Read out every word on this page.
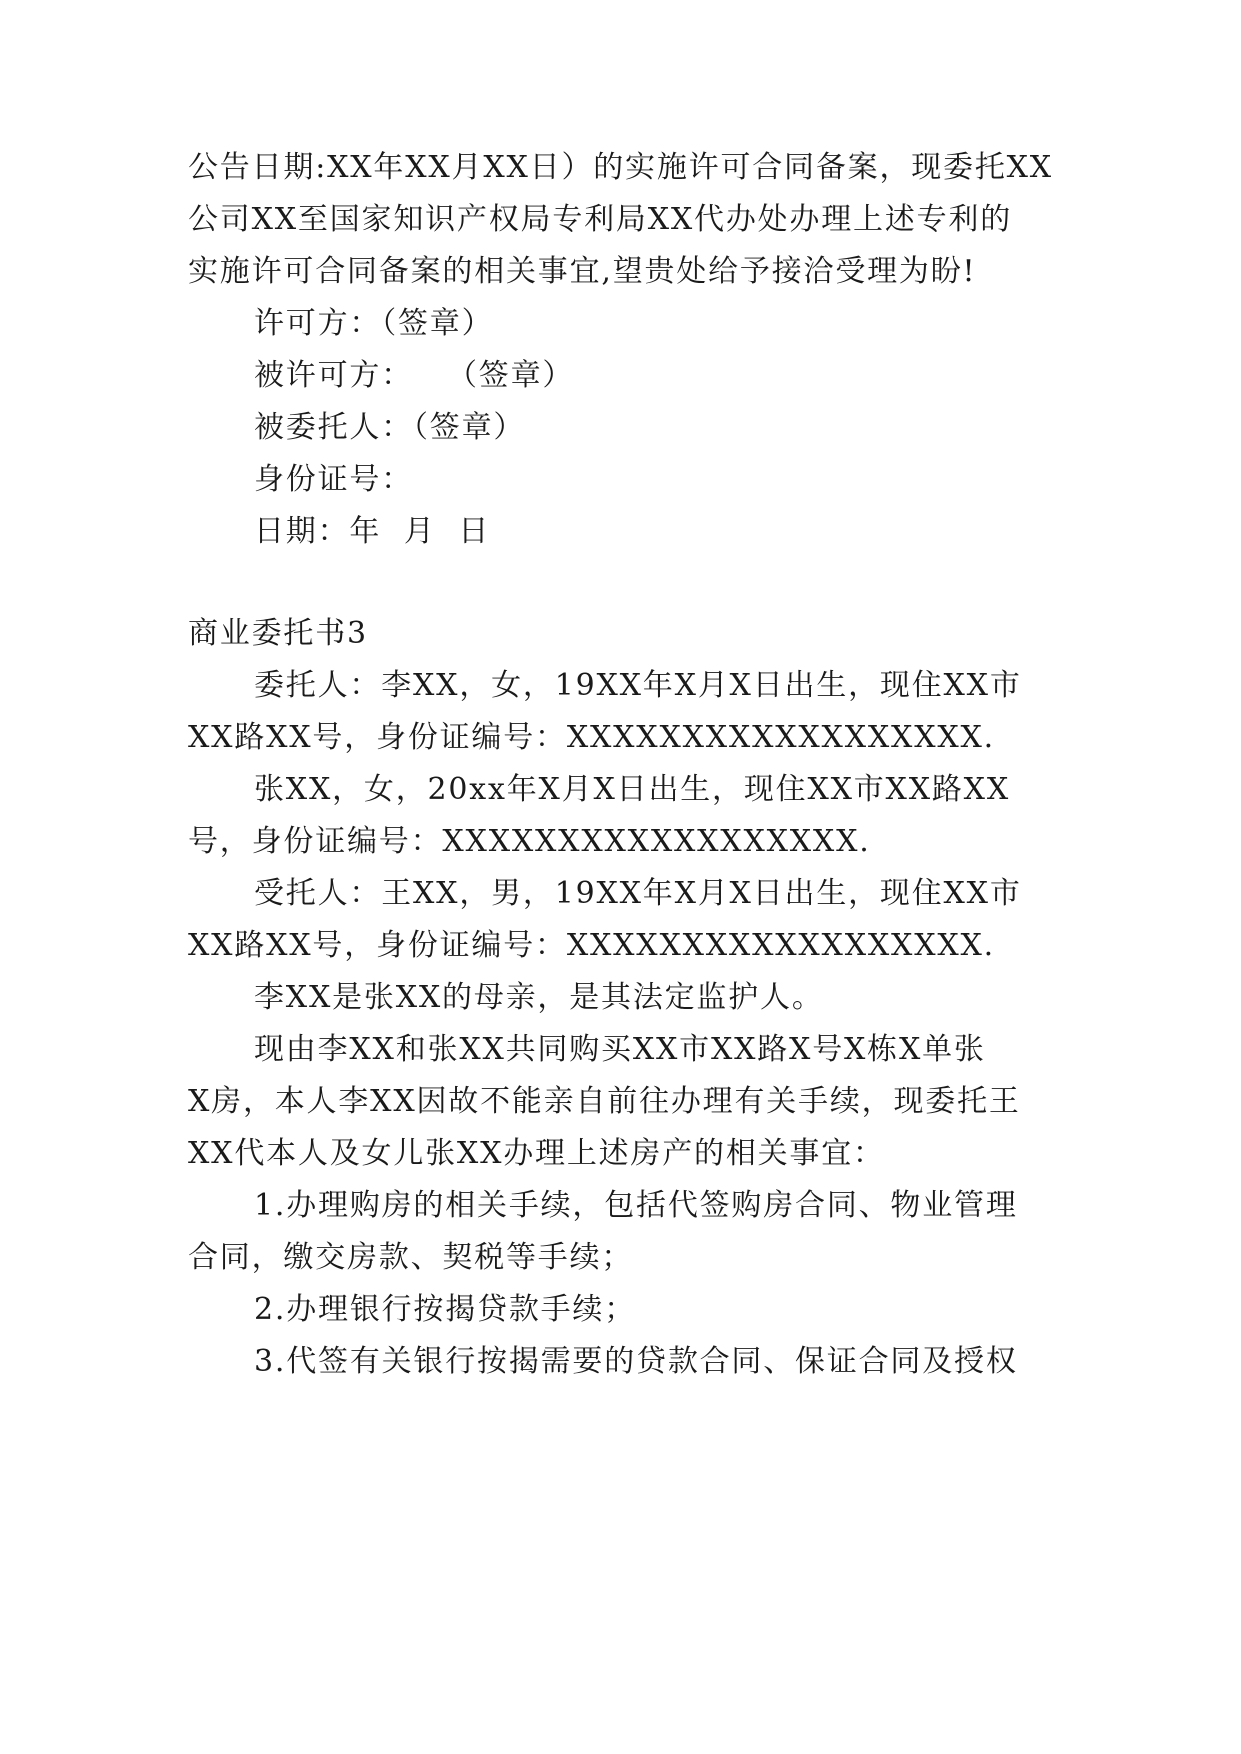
公告日期:XX年XX月XX日）的实施许可合同备案，现委托XX
公司XX至国家知识产权局专利局XX代办处办理上述专利的
实施许可合同备案的相关事宜,望贵处给予接洽受理为盼!
许可方：（签章）
被许可方：   （签章）
被委托人：（签章）
身份证号：
日期：年  月  日
商业委托书3
委托人：李XX，女，19XX年X月X日出生，现住XX市
XX路XX号，身份证编号：XXXXXXXXXXXXXXXXXX.
张XX，女，20xx年X月X日出生，现住XX市XX路XX
号，身份证编号：XXXXXXXXXXXXXXXXXX.
受托人：王XX，男，19XX年X月X日出生，现住XX市
XX路XX号，身份证编号：XXXXXXXXXXXXXXXXXX.
李XX是张XX的母亲，是其法定监护人。
现由李XX和张XX共同购买XX市XX路X号X栋X单张
X房，本人李XX因故不能亲自前往办理有关手续，现委托王
XX代本人及女儿张XX办理上述房产的相关事宜：
1.办理购房的相关手续，包括代签购房合同、物业管理
合同，缴交房款、契税等手续；
2.办理银行按揭贷款手续；
3.代签有关银行按揭需要的贷款合同、保证合同及授权
